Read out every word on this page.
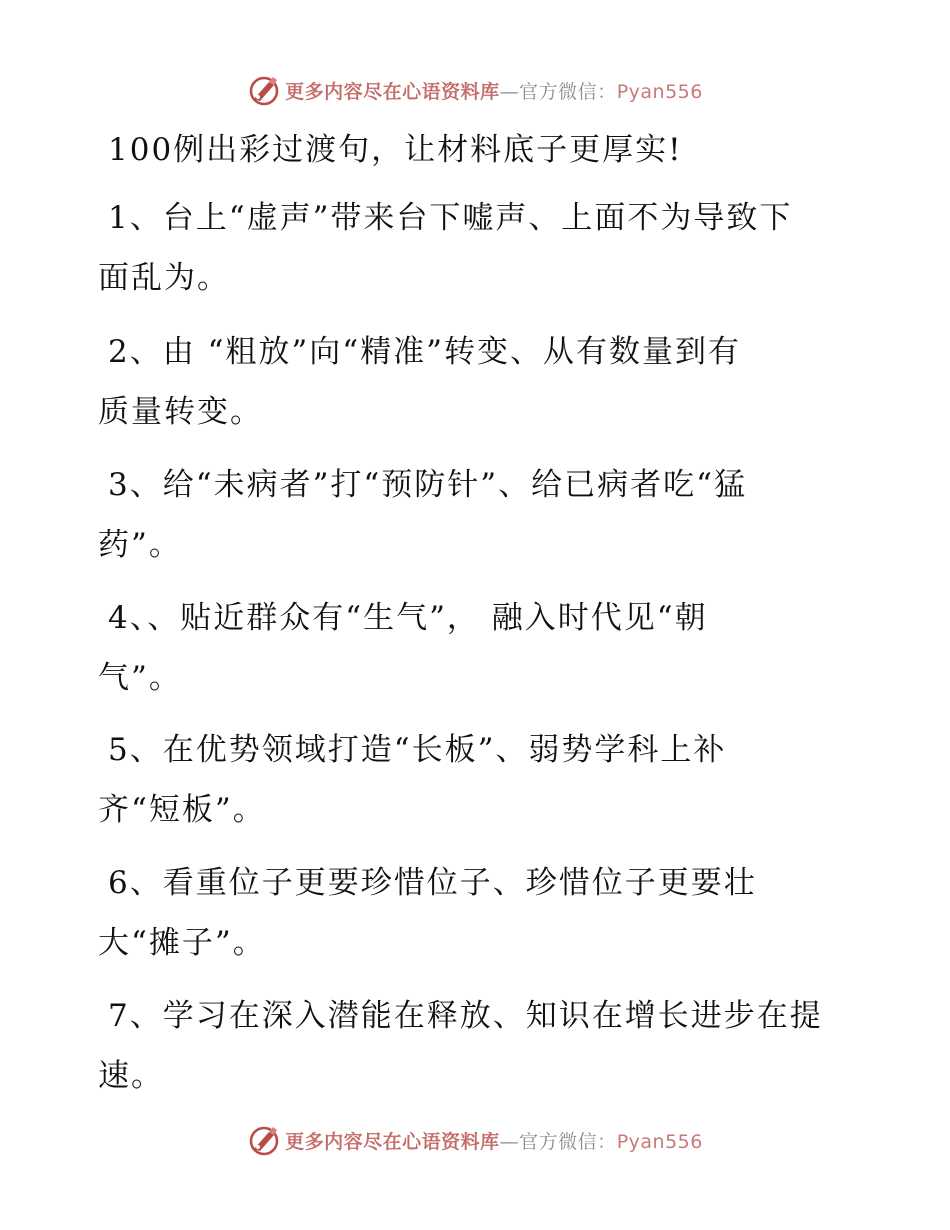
更多内容尽在心语资料库—官方微信：Pyan556
100例出彩过渡句，让材料底子更厚实!
1、台上“虚声”带来台下嘘声、上面不为导致下
面乱为。
2、由 “粗放”向“精准”转变、从有数量到有
质量转变。
3、给“未病者”打“预防针”、给已病者吃“猛
药”。
4、、贴近群众有“生气”， 融入时代见“朝
气”。
5、在优势领域打造“长板”、弱势学科上补
齐“短板”。
6、看重位子更要珍惜位子、珍惜位子更要壮
大“摊子”。
7、学习在深入潜能在释放、知识在增长进步在提
速。
更多内容尽在心语资料库—官方微信：Pyan556
